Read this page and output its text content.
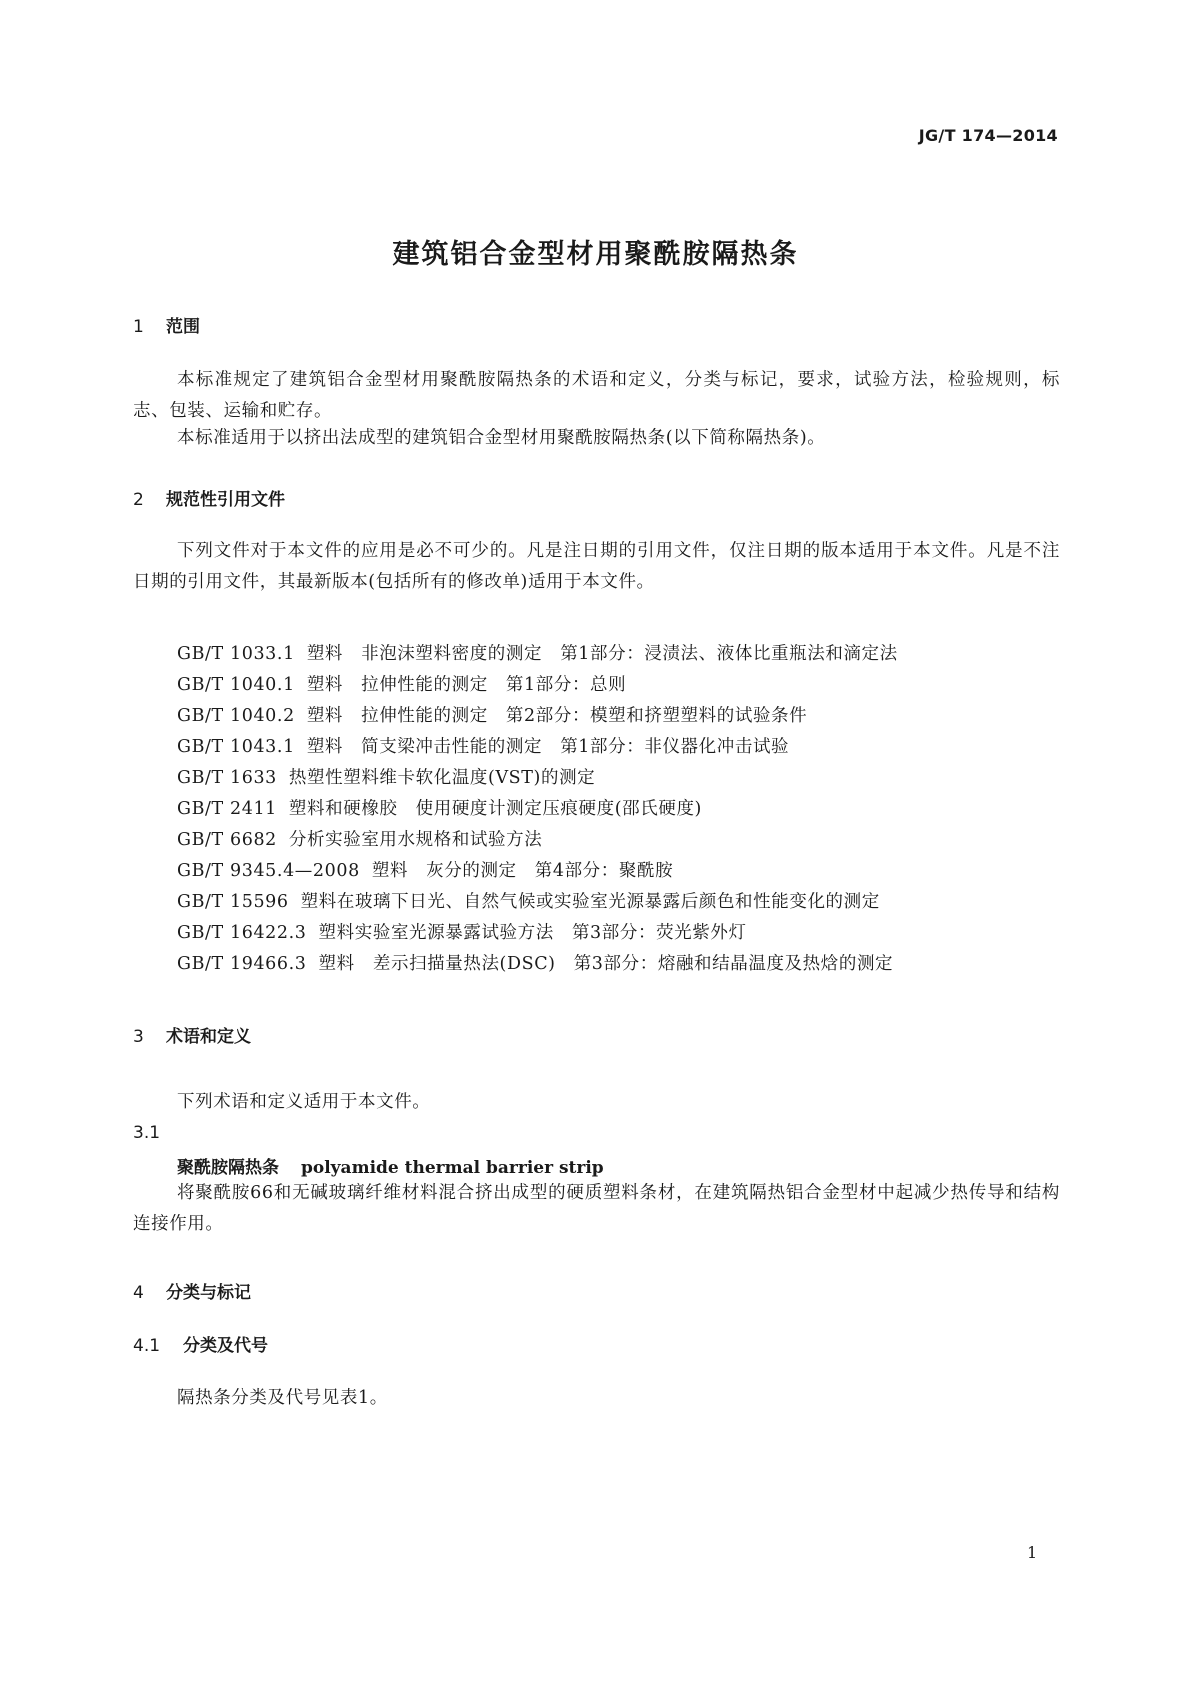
JG/T 174—2014
建筑铝合金型材用聚酰胺隔热条
1 范围
本标准规定了建筑铝合金型材用聚酰胺隔热条的术语和定义，分类与标记，要求，试验方法，检验规则，标志、包装、运输和贮存。
本标准适用于以挤出法成型的建筑铝合金型材用聚酰胺隔热条(以下简称隔热条)。
2 规范性引用文件
下列文件对于本文件的应用是必不可少的。凡是注日期的引用文件，仅注日期的版本适用于本文件。凡是不注日期的引用文件，其最新版本(包括所有的修改单)适用于本文件。
GB/T 1033.1 塑料　非泡沫塑料密度的测定　第1部分：浸渍法、液体比重瓶法和滴定法
GB/T 1040.1 塑料　拉伸性能的测定　第1部分：总则
GB/T 1040.2 塑料　拉伸性能的测定　第2部分：模塑和挤塑塑料的试验条件
GB/T 1043.1 塑料　简支梁冲击性能的测定　第1部分：非仪器化冲击试验
GB/T 1633 热塑性塑料维卡软化温度(VST)的测定
GB/T 2411 塑料和硬橡胶　使用硬度计测定压痕硬度(邵氏硬度)
GB/T 6682 分析实验室用水规格和试验方法
GB/T 9345.4—2008 塑料　灰分的测定　第4部分：聚酰胺
GB/T 15596 塑料在玻璃下日光、自然气候或实验室光源暴露后颜色和性能变化的测定
GB/T 16422.3 塑料实验室光源暴露试验方法　第3部分：荧光紫外灯
GB/T 19466.3 塑料　差示扫描量热法(DSC)　第3部分：熔融和结晶温度及热焓的测定
3 术语和定义
下列术语和定义适用于本文件。
3.1
聚酰胺隔热条 polyamide thermal barrier strip
将聚酰胺66和无碱玻璃纤维材料混合挤出成型的硬质塑料条材，在建筑隔热铝合金型材中起减少热传导和结构连接作用。
4 分类与标记
4.1 分类及代号
隔热条分类及代号见表1。
1
